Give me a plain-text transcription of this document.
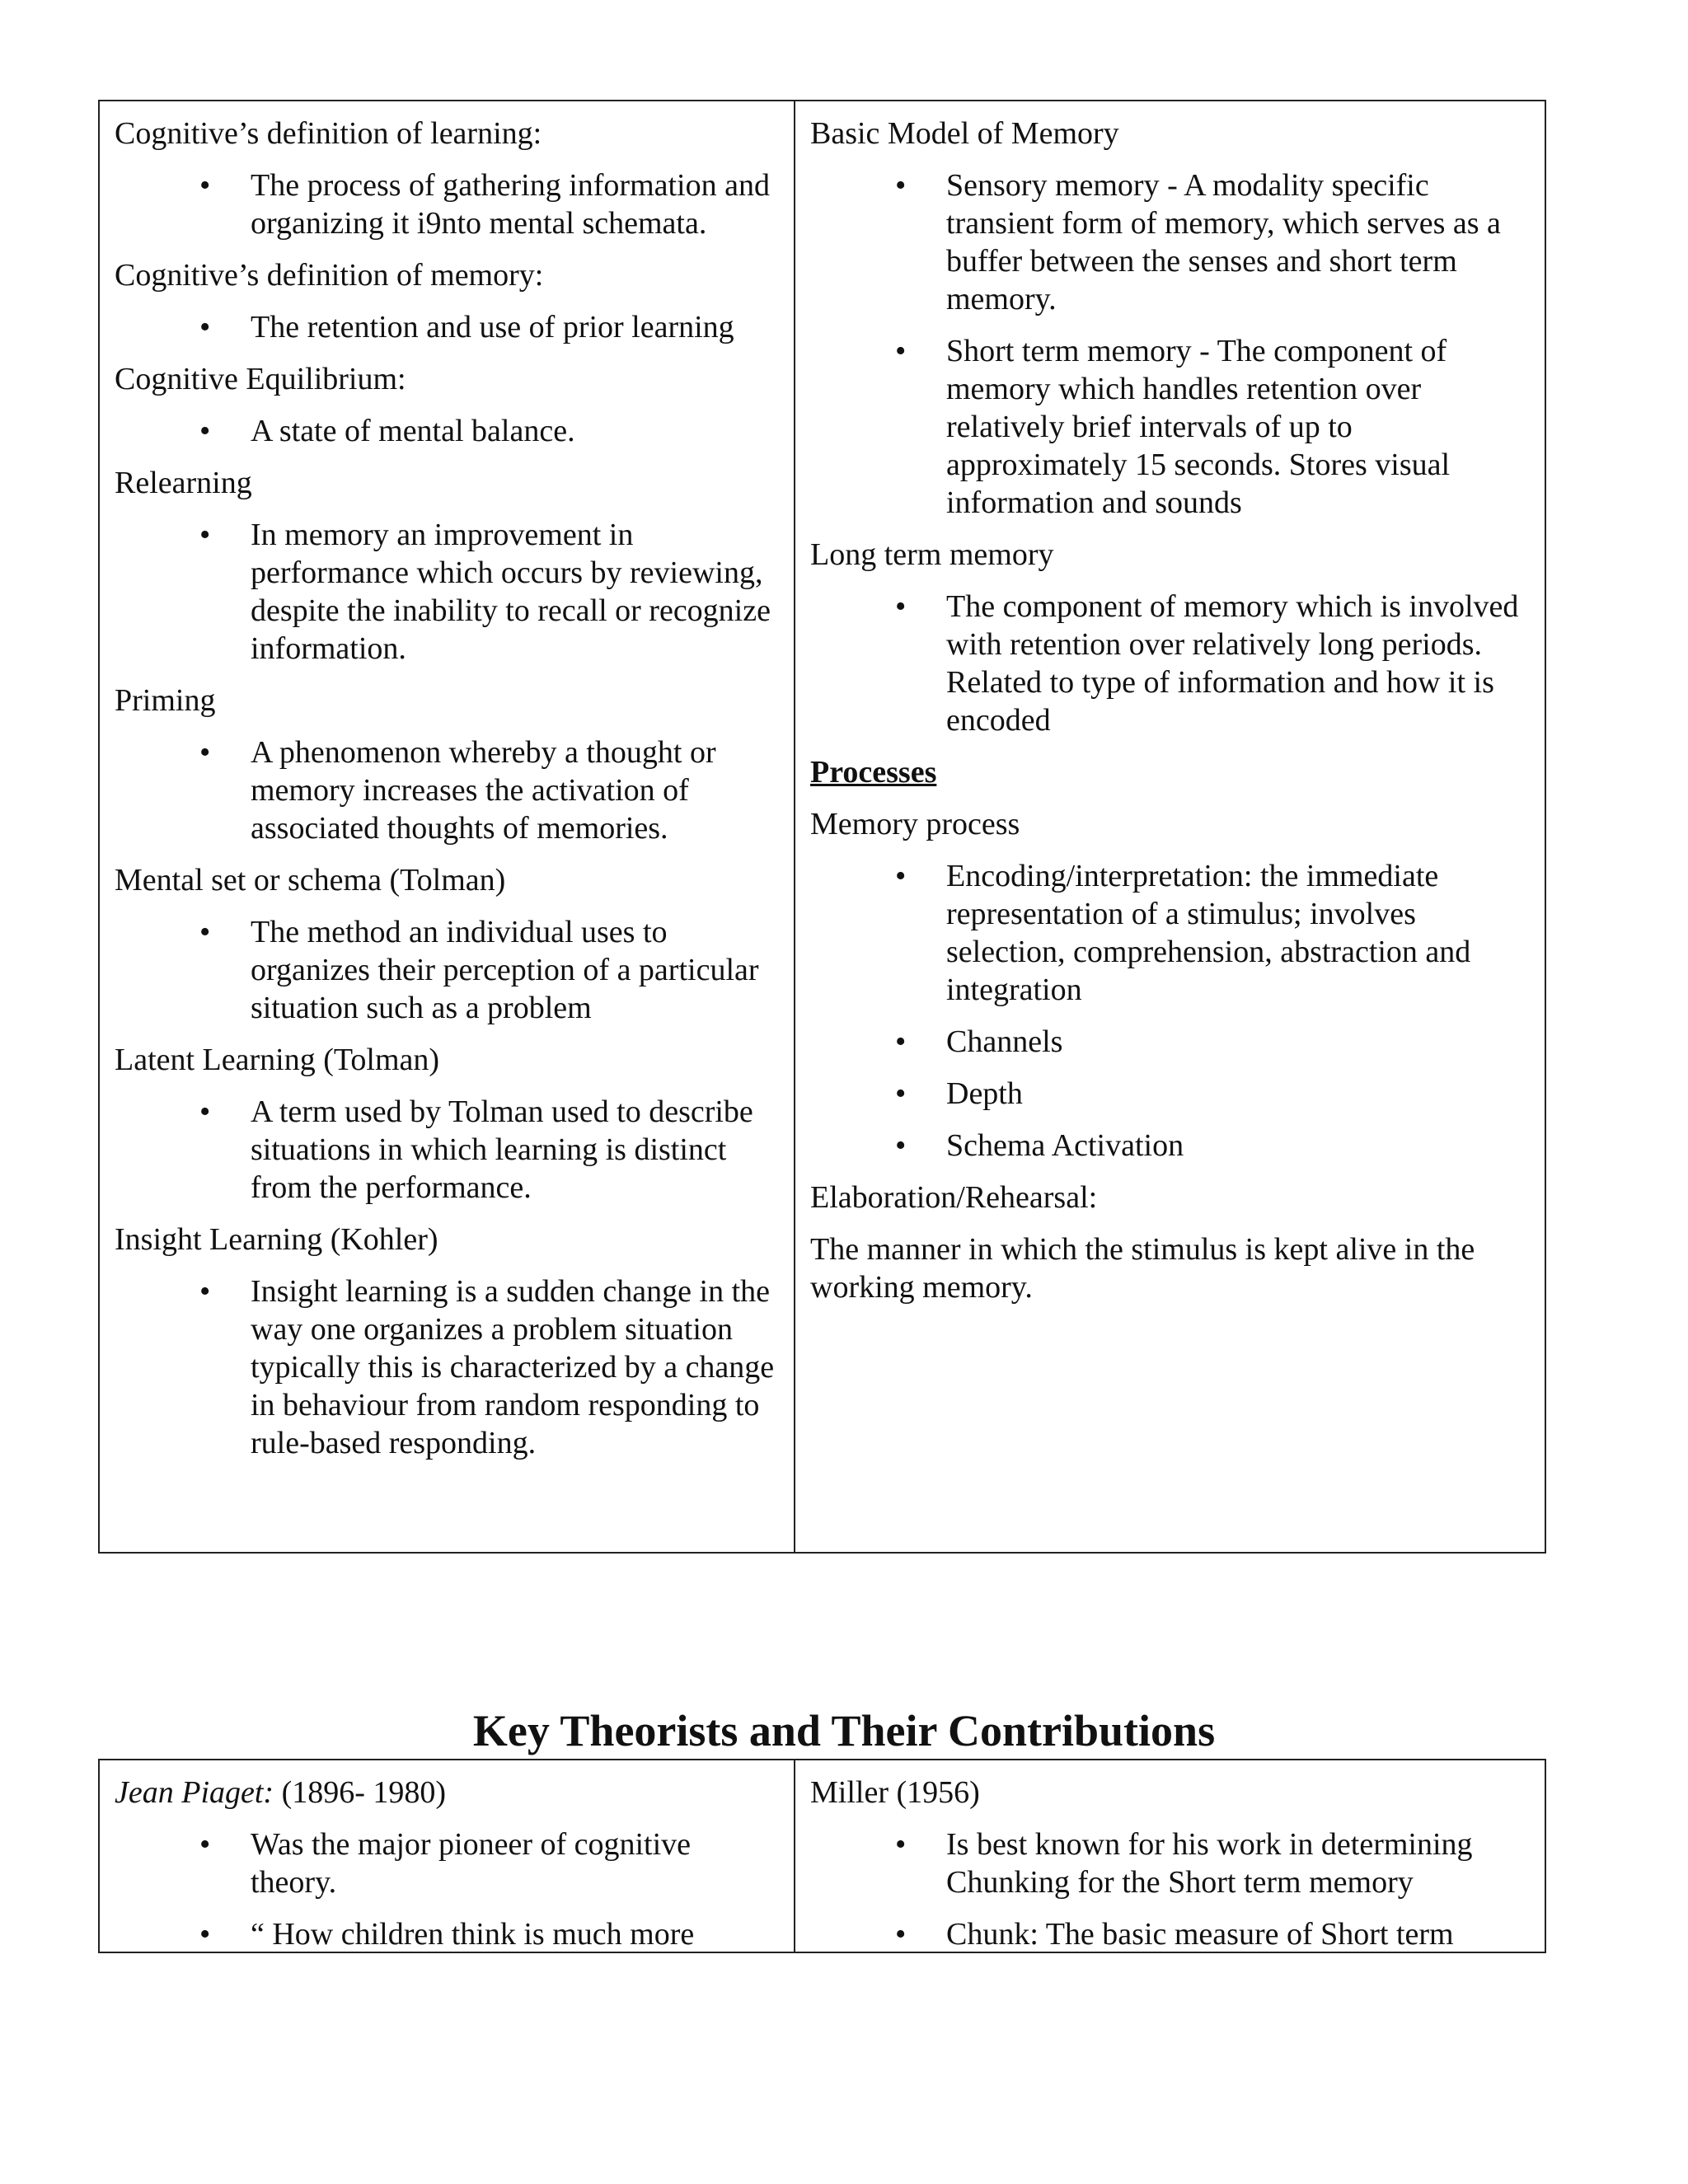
Cognitive’s definition of learning:

• The process of gathering information and organizing it i9nto mental schemata.

Cognitive’s definition of memory:

• The retention and use of prior learning

Cognitive Equilibrium:

• A state of mental balance.

Relearning

• In memory an improvement in performance which occurs by reviewing, despite the inability to recall or recognize information.

Priming

• A phenomenon whereby a thought or memory increases the activation of associated thoughts of memories.

Mental set or schema (Tolman)

• The method an individual uses to organizes their perception of a particular situation such as a problem

Latent Learning (Tolman)

• A term used by Tolman used to describe situations in which learning is distinct from the performance.

Insight Learning (Kohler)

• Insight learning is a sudden change in the way one organizes a problem situation typically this is characterized by a change in behaviour from random responding to rule-based responding.

Basic Model of Memory

• Sensory memory - A modality specific transient form of memory, which serves as a buffer between the senses and short term memory.
• Short term memory - The component of memory which handles retention over relatively brief intervals of up to approximately 15 seconds. Stores visual information and sounds

Long term memory

• The component of memory which is involved with retention over relatively long periods. Related to type of information and how it is encoded

Processes

Memory process

• Encoding/interpretation: the immediate representation of a stimulus; involves selection, comprehension, abstraction and integration
• Channels
• Depth
• Schema Activation

Elaboration/Rehearsal:

The manner in which the stimulus is kept alive in the working memory.

Key Theorists and Their Contributions

Jean Piaget: (1896- 1980)

• Was the major pioneer of cognitive theory.
• “ How children think is much more

Miller (1956)

• Is best known for his work in determining Chunking for the Short term memory
• Chunk: The basic measure of Short term
